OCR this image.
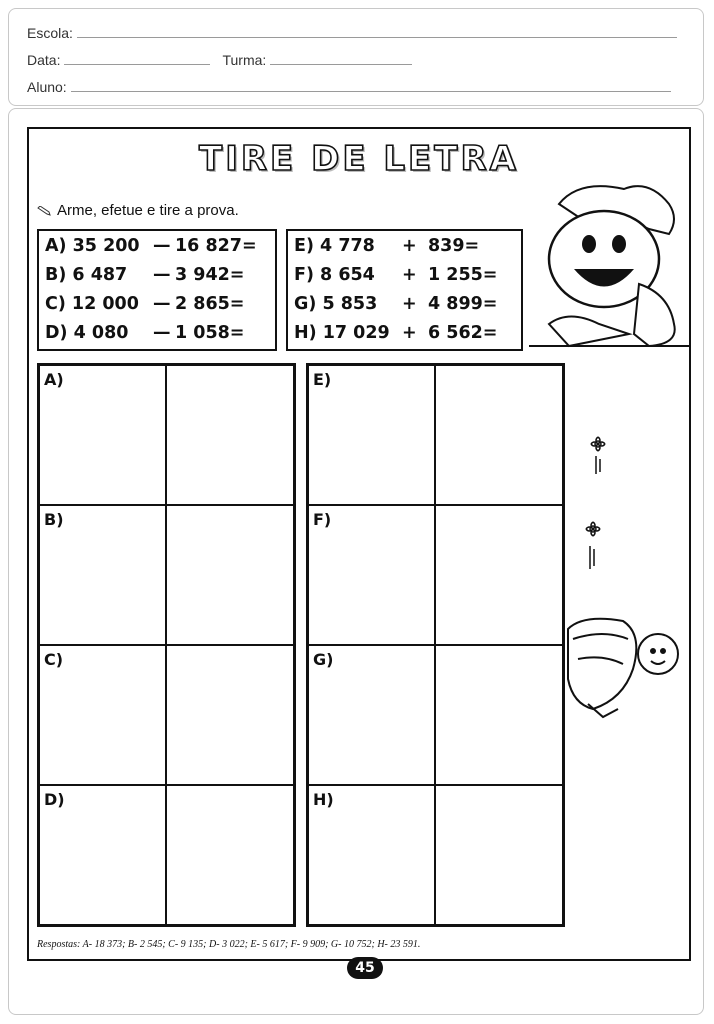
Escola:
Data:	Turma:
Aluno:
TIRE DE LETRA
Arme, efetue e tire a prova.
A) 35 200 — 16 827=
B) 6 487	— 3 942=
C) 12 000 — 2 865=
D) 4 080	— 1 058=
E) 4 778	+ 839=
F) 8 654	+ 1 255=
G) 5 853	+ 4 899=
H) 17 029 + 6 562=
A)
B)
C)
D)
E)
F)
G)
H)
Respostas: A- 18 373; B- 2 545; C- 9 135; D- 3 022; E- 5 617; F- 9 909; G- 10 752; H- 23 591.
45
